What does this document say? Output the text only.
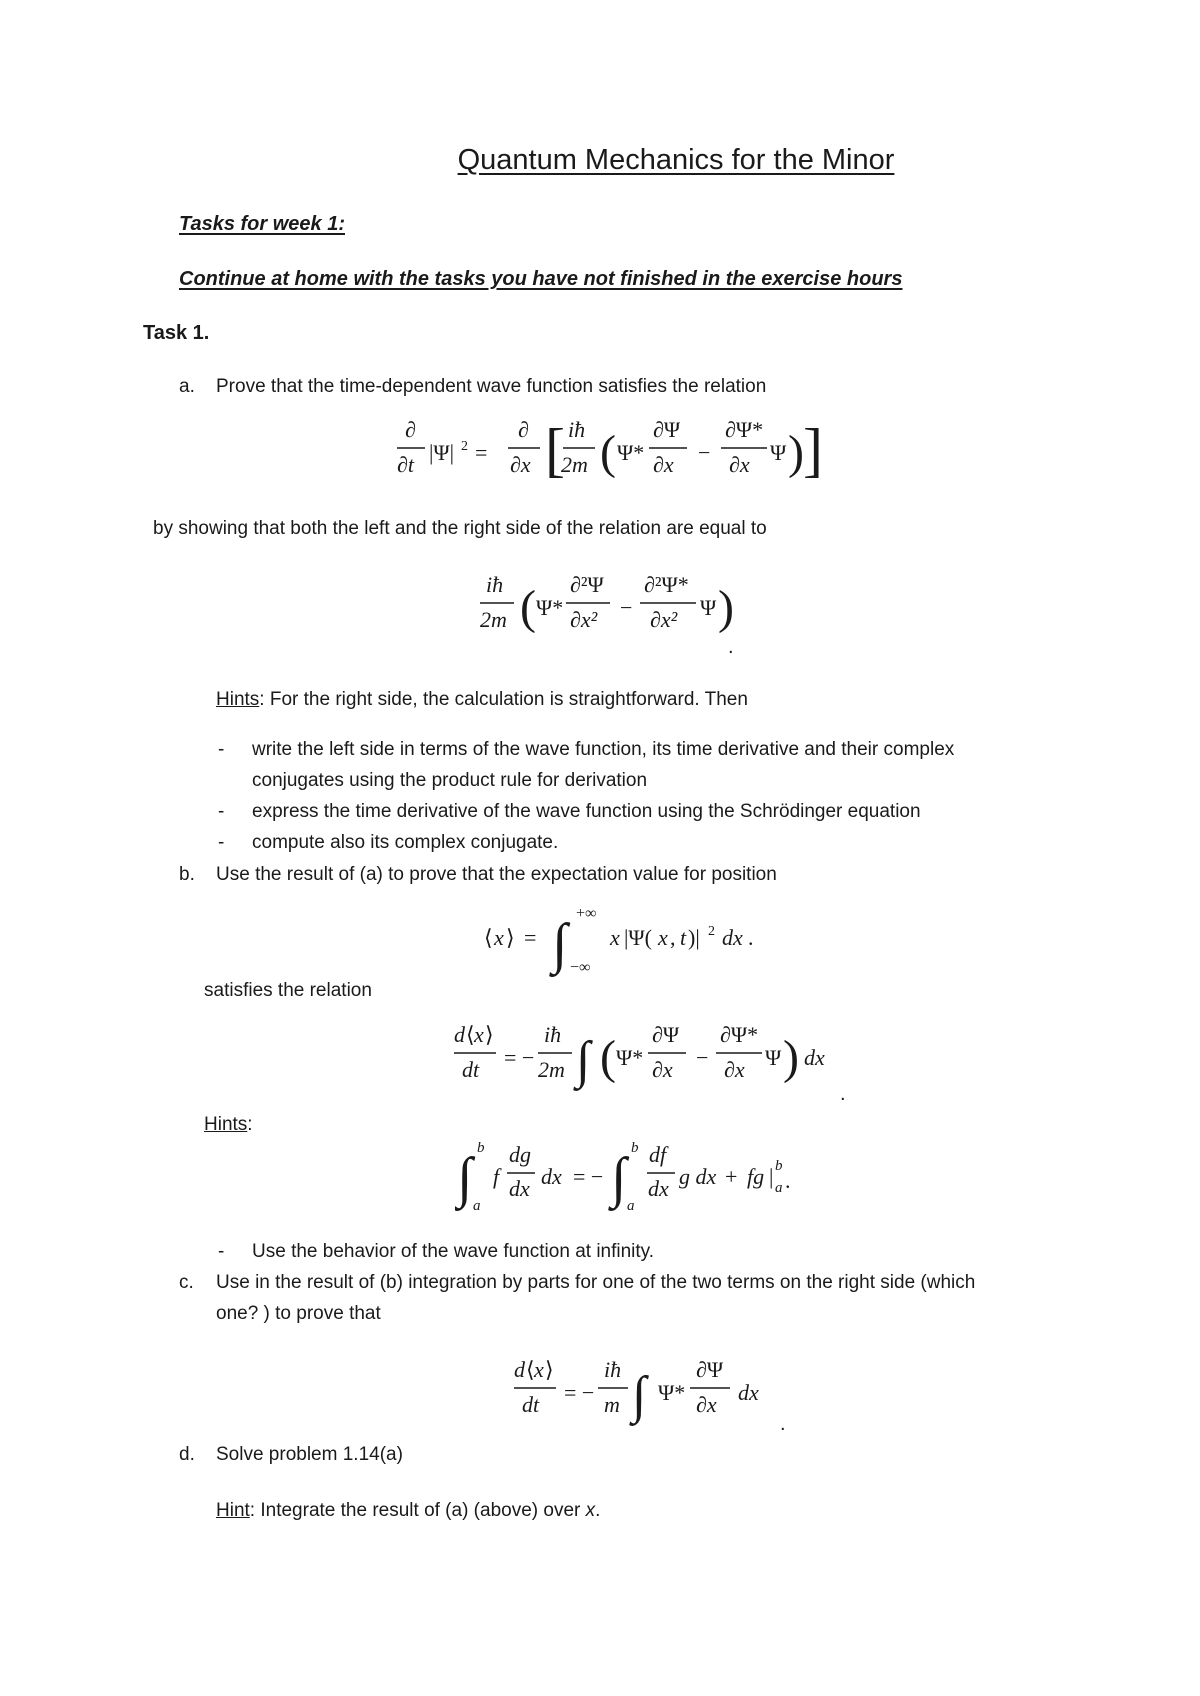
Quantum Mechanics for the Minor
Tasks for week 1:
Continue at home with the tasks you have not finished in the exercise hours
Task 1.
a. Prove that the time-dependent wave function satisfies the relation
∂
∂t |Ψ| 2 =
∂
∂x [ iħ
2m ( Ψ*
∂Ψ
∂x −
∂Ψ*
∂x Ψ ) ]
by showing that both the left and the right side of the relation are equal to
iħ
2m ( Ψ*
∂²Ψ
∂x² −
∂²Ψ*
∂x² Ψ )
.
Hints: For the right side, the calculation is straightforward. Then
- write the left side in terms of the wave function, its time derivative and their complex
conjugates using the product rule for derivation
- express the time derivative of the wave function using the Schrödinger equation
- compute also its complex conjugate.
b. Use the result of (a) to prove that the expectation value for position
⟨ x ⟩ = ∫ +∞
−∞
x |Ψ( x , t )| 2 dx .
satisfies the relation
d ⟨ x ⟩
dt = −
iħ
2m ∫ ( Ψ*
∂Ψ
∂x −
∂Ψ*
∂x Ψ ) dx
.
Hints:
∫ b
a
f
dg
dx dx = − ∫ b
a
df
dx g dx + fg | b
a .
- Use the behavior of the wave function at infinity.
c. Use in the result of (b) integration by parts for one of the two terms on the right side (which
one? ) to prove that
d ⟨ x ⟩
dt = −
iħ
m ∫ Ψ*
∂Ψ
∂x dx
.
d. Solve problem 1.14(a)
Hint: Integrate the result of (a) (above) over x.
